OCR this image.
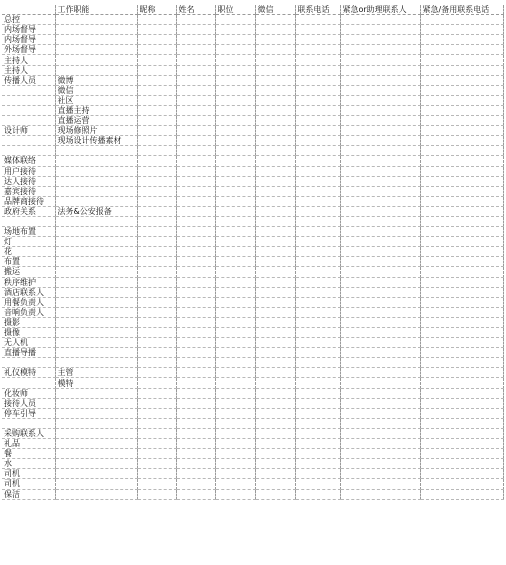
	工作职能	昵称	姓名	职位	微信	联系电话	紧急or助理联系人	紧急/备用联系电话
总控								
内场督导								
内场督导								
外场督导								
主持人								
主持人								
传播人员	微博							
	微信							
	社区							
	直播主持							
	直播运营							
设计师	现场修照片							
	现场设计传播素材							

媒体联络								
用户接待								
达人接待								
嘉宾接待								
品牌商接待								
政府关系	法务&公安报备							

场地布置								
灯								
花								
布置								
搬运								
秩序维护								
酒店联系人								
用餐负责人								
音响负责人								
摄影								
摄像								
无人机								
直播导播								

礼仪模特	主管							
	模特							
化妆师								
接待人员								
停车引导								

采购联系人								
礼品								
餐								
水								
司机								
司机								
保洁								
